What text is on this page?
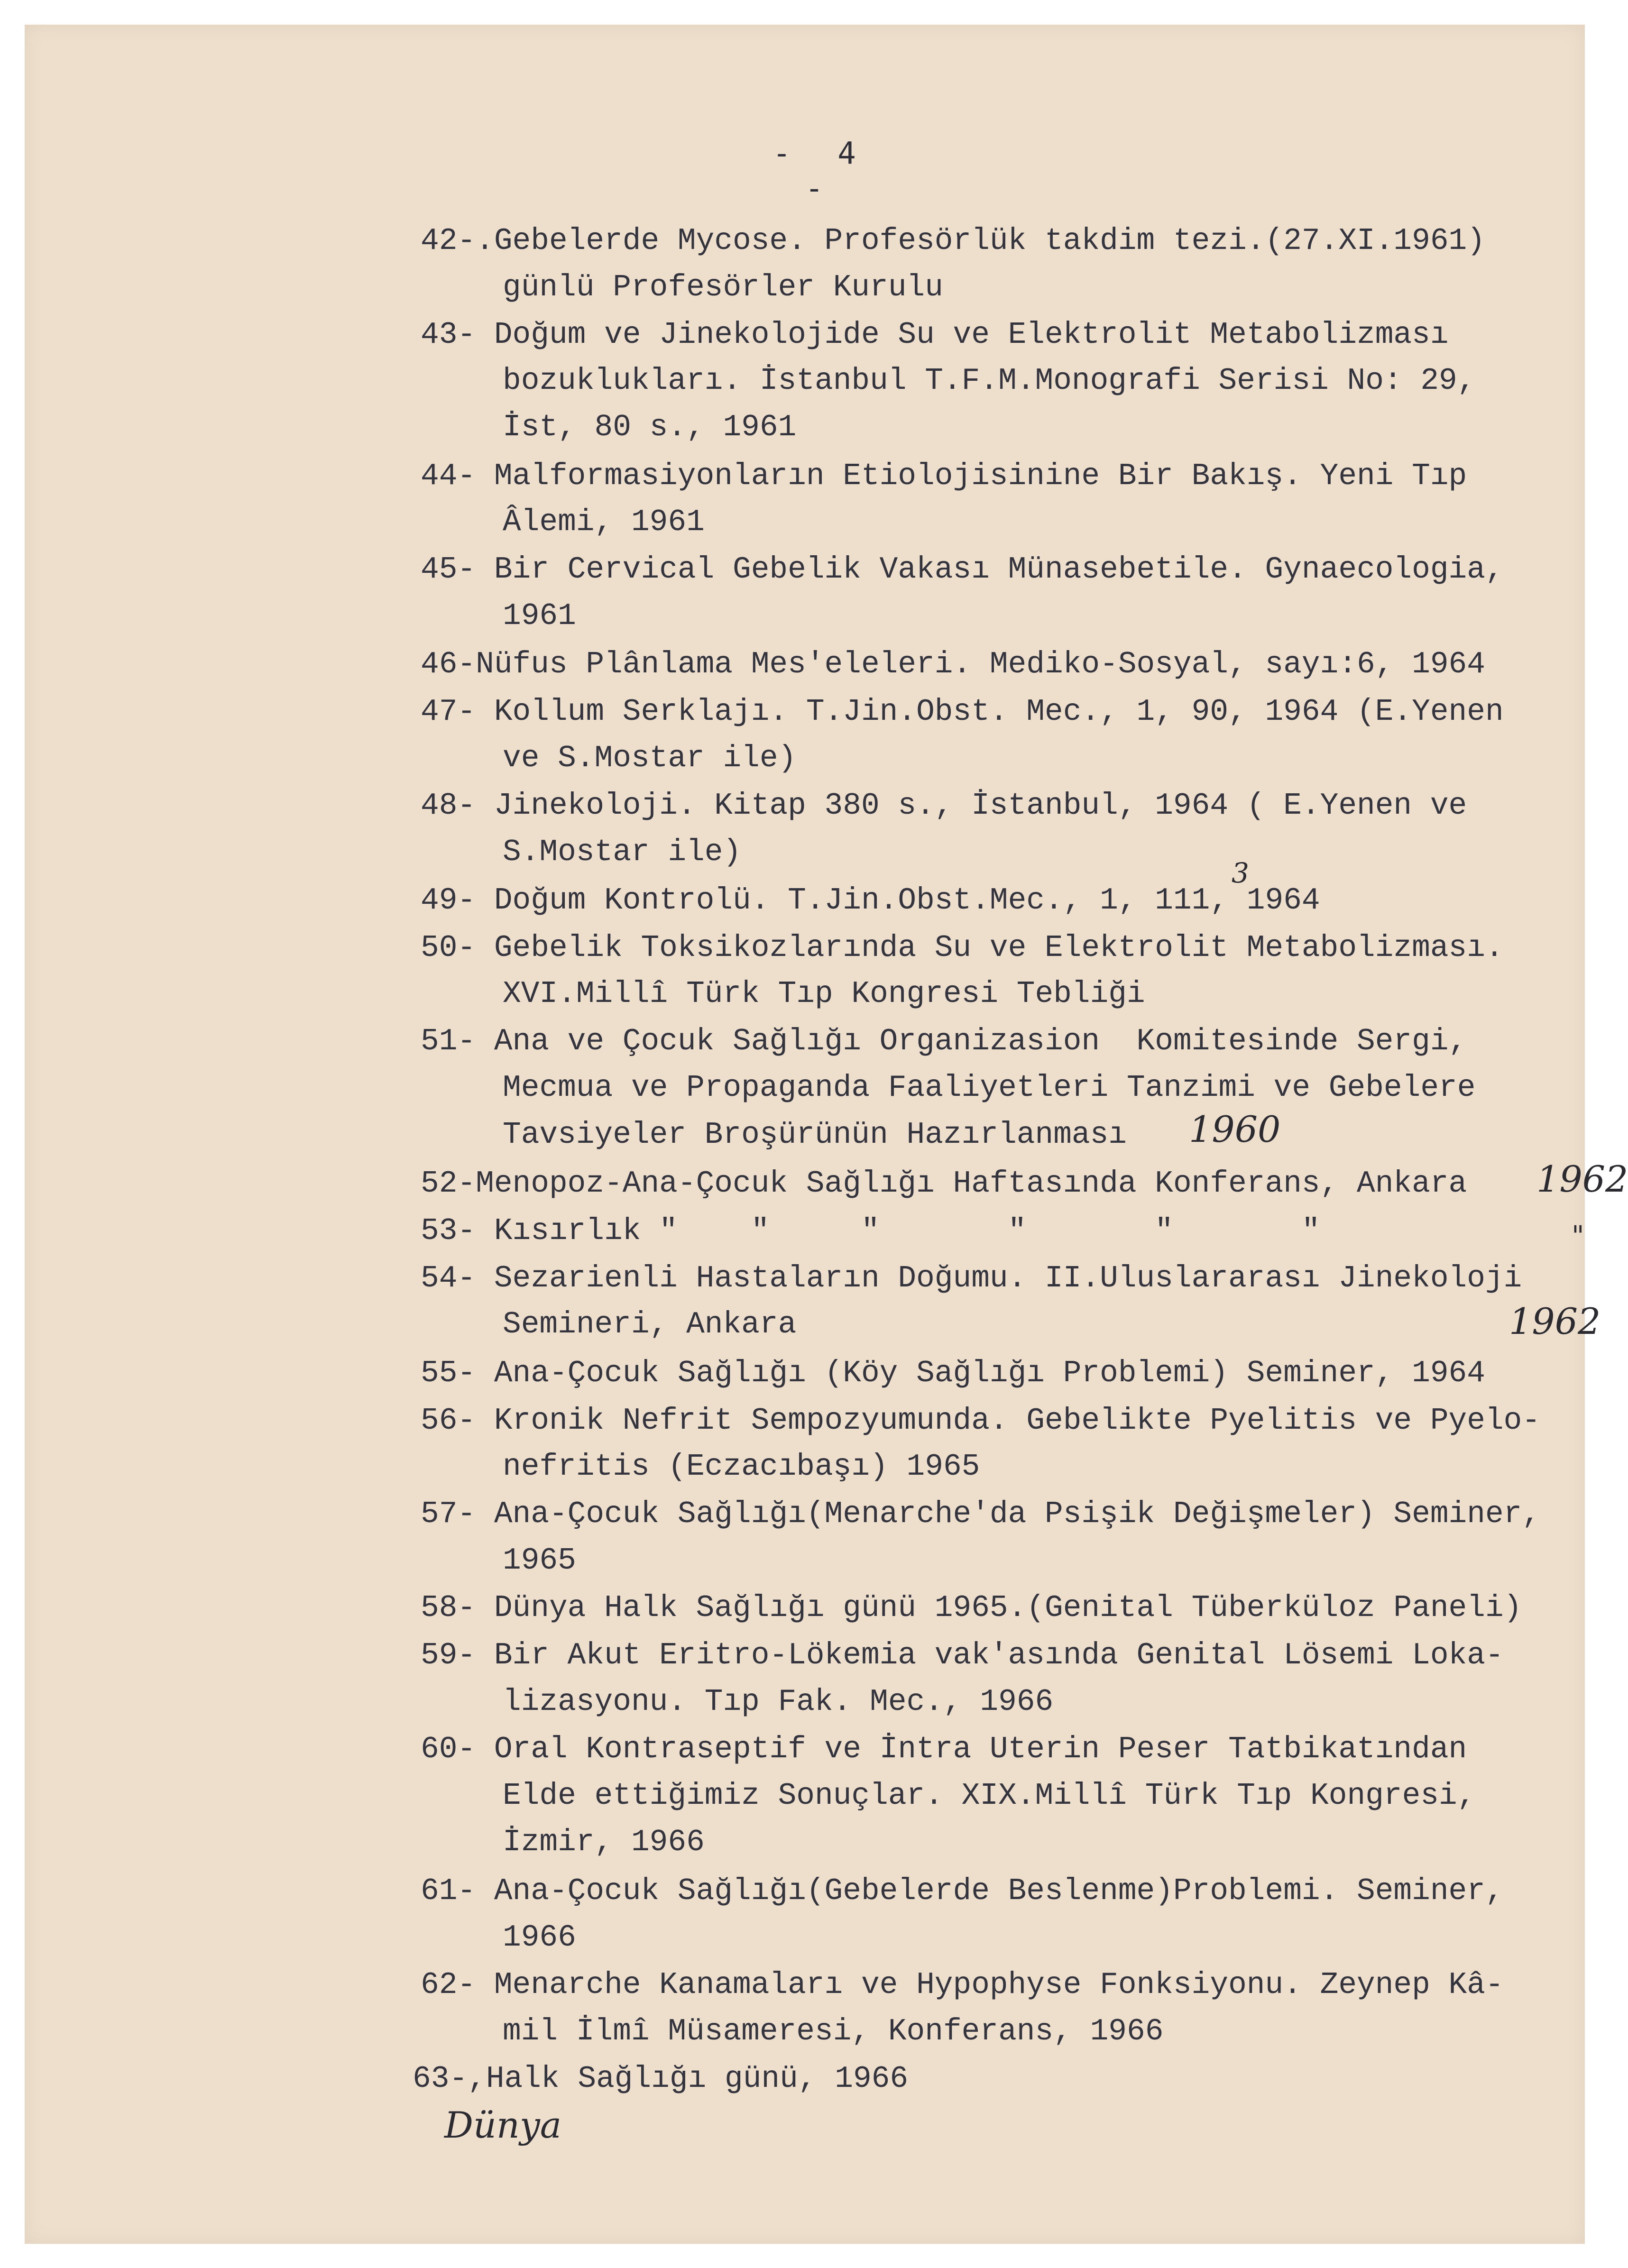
- 4 -
42-.Gebelerde Mycose. Profesörlük takdim tezi.(27.XI.1961)
günlü Profesörler Kurulu
43- Doğum ve Jinekolojide Su ve Elektrolit Metabolizması
bozuklukları. İstanbul T.F.M.Monografi Serisi No: 29,
İst, 80 s., 1961
44- Malformasiyonların Etiolojisinine Bir Bakış. Yeni Tıp
Âlemi, 1961
45- Bir Cervical Gebelik Vakası Münasebetile. Gynaecologia,
1961
46-Nüfus Plânlama Mes'eleleri. Mediko-Sosyal, sayı:6, 1964
47- Kollum Serklajı. T.Jin.Obst. Mec., 1, 90, 1964 (E.Yenen
ve S.Mostar ile)
48- Jinekoloji. Kitap 380 s., İstanbul, 1964 ( E.Yenen ve
S.Mostar ile)
3
49- Doğum Kontrolü. T.Jin.Obst.Mec., 1, 111, 1964
50- Gebelik Toksikozlarında Su ve Elektrolit Metabolizması.
XVI.Millî Türk Tıp Kongresi Tebliği
51- Ana ve Çocuk Sağlığı Organizasion  Komitesinde Sergi,
Mecmua ve Propaganda Faaliyetleri Tanzimi ve Gebelere
Tavsiyeler Broşürünün Hazırlanması 1960
52-Menopoz-Ana-Çocuk Sağlığı Haftasında Konferans, Ankara 1962
53- Kısırlık "    "     "       "       "       "	"
54- Sezarienli Hastaların Doğumu. II.Uluslararası Jinekoloji
Semineri, Ankara	1962
55- Ana-Çocuk Sağlığı (Köy Sağlığı Problemi) Seminer, 1964
56- Kronik Nefrit Sempozyumunda. Gebelikte Pyelitis ve Pyelo-
nefritis (Eczacıbaşı) 1965
57- Ana-Çocuk Sağlığı(Menarche'da Psişik Değişmeler) Seminer,
1965
58- Dünya Halk Sağlığı günü 1965.(Genital Tüberküloz Paneli)
59- Bir Akut Eritro-Lökemia vak'asında Genital Lösemi Loka-
lizasyonu. Tıp Fak. Mec., 1966
60- Oral Kontraseptif ve İntra Uterin Peser Tatbikatından
Elde ettiğimiz Sonuçlar. XIX.Millî Türk Tıp Kongresi,
İzmir, 1966
61- Ana-Çocuk Sağlığı(Gebelerde Beslenme)Problemi. Seminer,
1966
62- Menarche Kanamaları ve Hypophyse Fonksiyonu. Zeynep Kâ-
mil İlmî Müsameresi, Konferans, 1966
63-,Halk Sağlığı günü, 1966
Dünya
